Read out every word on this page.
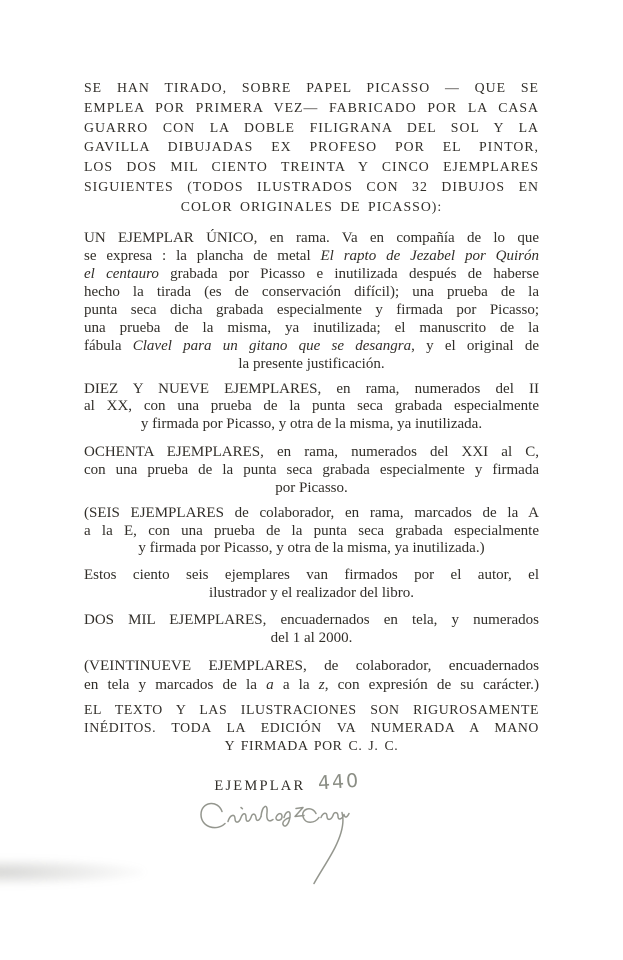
SE HAN TIRADO, SOBRE PAPEL PICASSO — QUE SE
EMPLEA POR PRIMERA VEZ— FABRICADO POR LA CASA
GUARRO CON LA DOBLE FILIGRANA DEL SOL Y LA
GAVILLA DIBUJADAS EX PROFESO POR EL PINTOR,
LOS DOS MIL CIENTO TREINTA Y CINCO EJEMPLARES
SIGUIENTES (TODOS ILUSTRADOS CON 32 DIBUJOS EN
COLOR ORIGINALES DE PICASSO):
UN EJEMPLAR ÚNICO, en rama. Va en compañía de lo que
se expresa : la plancha de metal El rapto de Jezabel por Quirón
el centauro grabada por Picasso e inutilizada después de haberse
hecho la tirada (es de conservación difícil); una prueba de la
punta seca dicha grabada especialmente y firmada por Picasso;
una prueba de la misma, ya inutilizada; el manuscrito de la
fábula Clavel para un gitano que se desangra, y el original de
la presente justificación.
DIEZ Y NUEVE EJEMPLARES, en rama, numerados del II
al XX, con una prueba de la punta seca grabada especialmente
y firmada por Picasso, y otra de la misma, ya inutilizada.
OCHENTA EJEMPLARES, en rama, numerados del XXI al C,
con una prueba de la punta seca grabada especialmente y firmada
por Picasso.
(SEIS EJEMPLARES de colaborador, en rama, marcados de la A
a la E, con una prueba de la punta seca grabada especialmente
y firmada por Picasso, y otra de la misma, ya inutilizada.)
Estos ciento seis ejemplares van firmados por el autor, el
ilustrador y el realizador del libro.
DOS MIL EJEMPLARES, encuadernados en tela, y numerados
del 1 al 2000.
(VEINTINUEVE EJEMPLARES, de colaborador, encuadernados
en tela y marcados de la a a la z, con expresión de su carácter.)
EL TEXTO Y LAS ILUSTRACIONES SON RIGUROSAMENTE
INÉDITOS. TODA LA EDICIÓN VA NUMERADA A MANO
Y FIRMADA POR C. J. C.
EJEMPLAR 440
